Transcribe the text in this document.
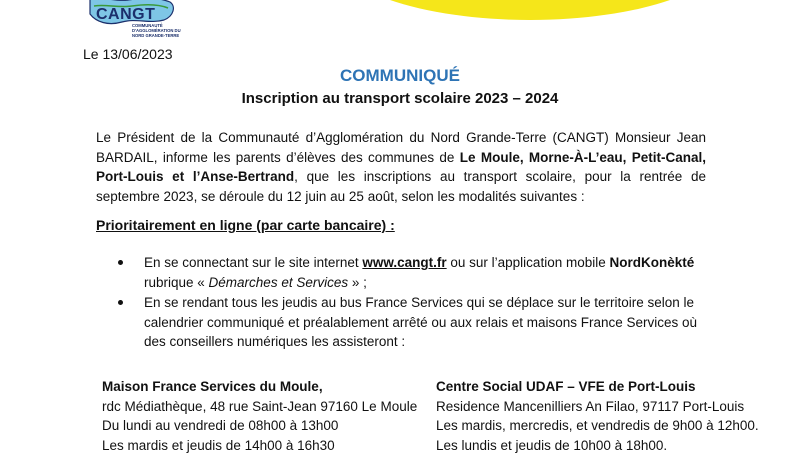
CANGT
COMMUNAUTÉ D'AGGLOMÉRATION DU NORD GRANDE-TERRE
Le 13/06/2023
COMMUNIQUÉ
Inscription au transport scolaire 2023 – 2024
Le Président de la Communauté d’Agglomération du Nord Grande-Terre (CANGT) Monsieur Jean BARDAIL, informe les parents d’élèves des communes de Le Moule, Morne-À-L’eau, Petit-Canal, Port-Louis et l’Anse-Bertrand, que les inscriptions au transport scolaire, pour la rentrée de septembre 2023, se déroule du 12 juin au 25 août, selon les modalités suivantes :
Prioritairement en ligne (par carte bancaire) :
En se connectant sur le site internet www.cangt.fr ou sur l’application mobile NordKonèkté rubrique « Démarches et Services » ;
En se rendant tous les jeudis au bus France Services qui se déplace sur le territoire selon le calendrier communiqué et préalablement arrêté ou aux relais et maisons France Services où des conseillers numériques les assisteront :
Maison France Services du Moule,
rdc Médiathèque, 48 rue Saint-Jean 97160 Le Moule
Du lundi au vendredi de 08h00 à 13h00
Les mardis et jeudis de 14h00 à 16h30
Centre Social UDAF – VFE de Port-Louis
Residence Mancenilliers An Filao, 97117 Port-Louis
Les mardis, mercredis, et vendredis de 9h00 à 12h00.
Les lundis et jeudis de 10h00 à 18h00.
